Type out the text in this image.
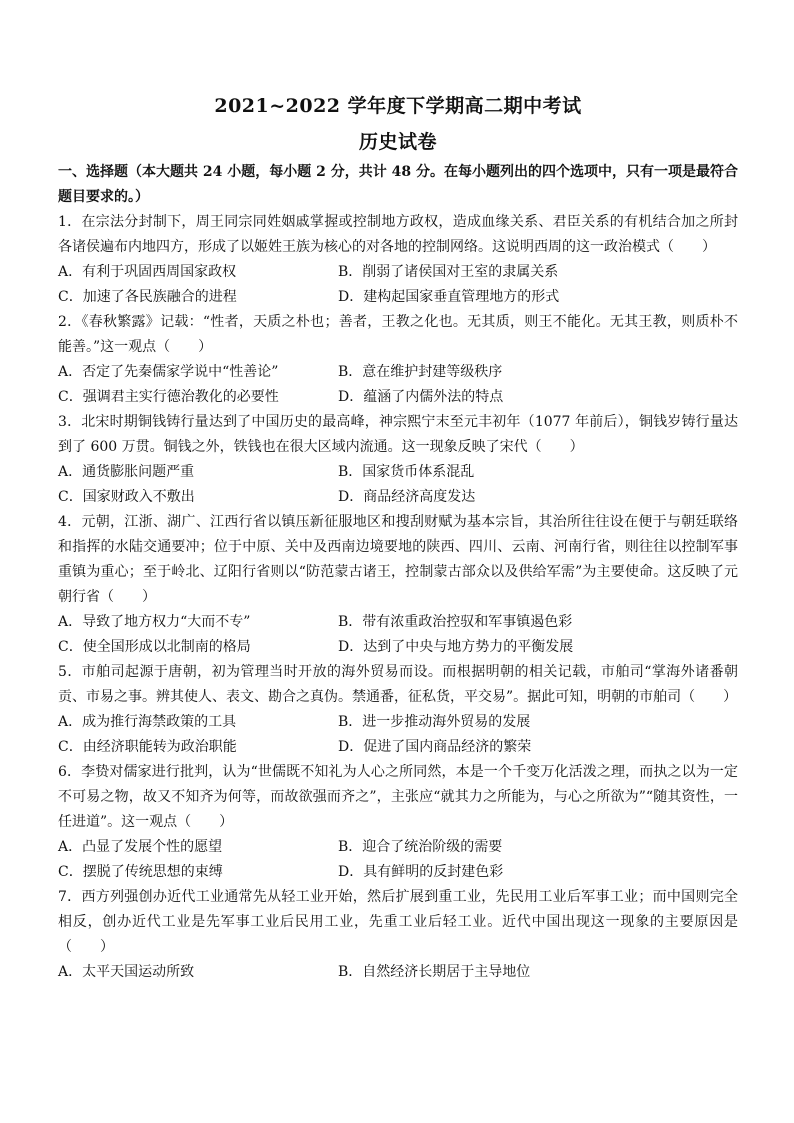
2021~2022 学年度下学期高二期中考试
历史试卷

一、选择题（本大题共 24 小题，每小题 2 分，共计 48 分。在每小题列出的四个选项中，只有一项是最符合题目要求的。）

1．在宗法分封制下，周王同宗同姓姻戚掌握或控制地方政权，造成血缘关系、君臣关系的有机结合加之所封各诸侯遍布内地四方，形成了以姬姓王族为核心的对各地的控制网络。这说明西周的这一政治模式（　　）

A．有利于巩固西周国家政权	B．削弱了诸侯国对王室的隶属关系
C．加速了各民族融合的进程	D．建构起国家垂直管理地方的形式

2．《春秋繁露》记载：“性者，天质之朴也；善者，王教之化也。无其质，则王不能化。无其王教，则质朴不能善。”这一观点（　　）

A．否定了先秦儒家学说中“性善论”	B．意在维护封建等级秩序
C．强调君主实行德治教化的必要性	D．蕴涵了内儒外法的特点

3．北宋时期铜钱铸行量达到了中国历史的最高峰，神宗熙宁末至元丰初年（1077 年前后），铜钱岁铸行量达到了 600 万贯。铜钱之外，铁钱也在很大区域内流通。这一现象反映了宋代（　　）

A．通货膨胀问题严重	B．国家货币体系混乱
C．国家财政入不敷出	D．商品经济高度发达

4．元朝，江浙、湖广、江西行省以镇压新征服地区和搜刮财赋为基本宗旨，其治所往往设在便于与朝廷联络和指挥的水陆交通要冲；位于中原、关中及西南边境要地的陕西、四川、云南、河南行省，则往往以控制军事重镇为重心；至于岭北、辽阳行省则以“防范蒙古诸王，控制蒙古部众以及供给军需”为主要使命。这反映了元朝行省（　　）

A．导致了地方权力“大而不专”	B．带有浓重政治控驭和军事镇遏色彩
C．使全国形成以北制南的格局	D．达到了中央与地方势力的平衡发展

5．市舶司起源于唐朝，初为管理当时开放的海外贸易而设。而根据明朝的相关记载，市舶司“掌海外诸番朝贡、市易之事。辨其使人、表文、勘合之真伪。禁通番，征私货，平交易”。据此可知，明朝的市舶司（　　）

A．成为推行海禁政策的工具	B．进一步推动海外贸易的发展
C．由经济职能转为政治职能	D．促进了国内商品经济的繁荣

6．李贽对儒家进行批判，认为“世儒既不知礼为人心之所同然，本是一个千变万化活泼之理，而执之以为一定不可易之物，故又不知齐为何等，而故欲强而齐之”，主张应“就其力之所能为，与心之所欲为”“随其资性，一任进道”。这一观点（　　）

A．凸显了发展个性的愿望	B．迎合了统治阶级的需要
C．摆脱了传统思想的束缚	D．具有鲜明的反封建色彩

7．西方列强创办近代工业通常先从轻工业开始，然后扩展到重工业，先民用工业后军事工业；而中国则完全相反，创办近代工业是先军事工业后民用工业，先重工业后轻工业。近代中国出现这一现象的主要原因是（　　）

A．太平天国运动所致	B．自然经济长期居于主导地位
